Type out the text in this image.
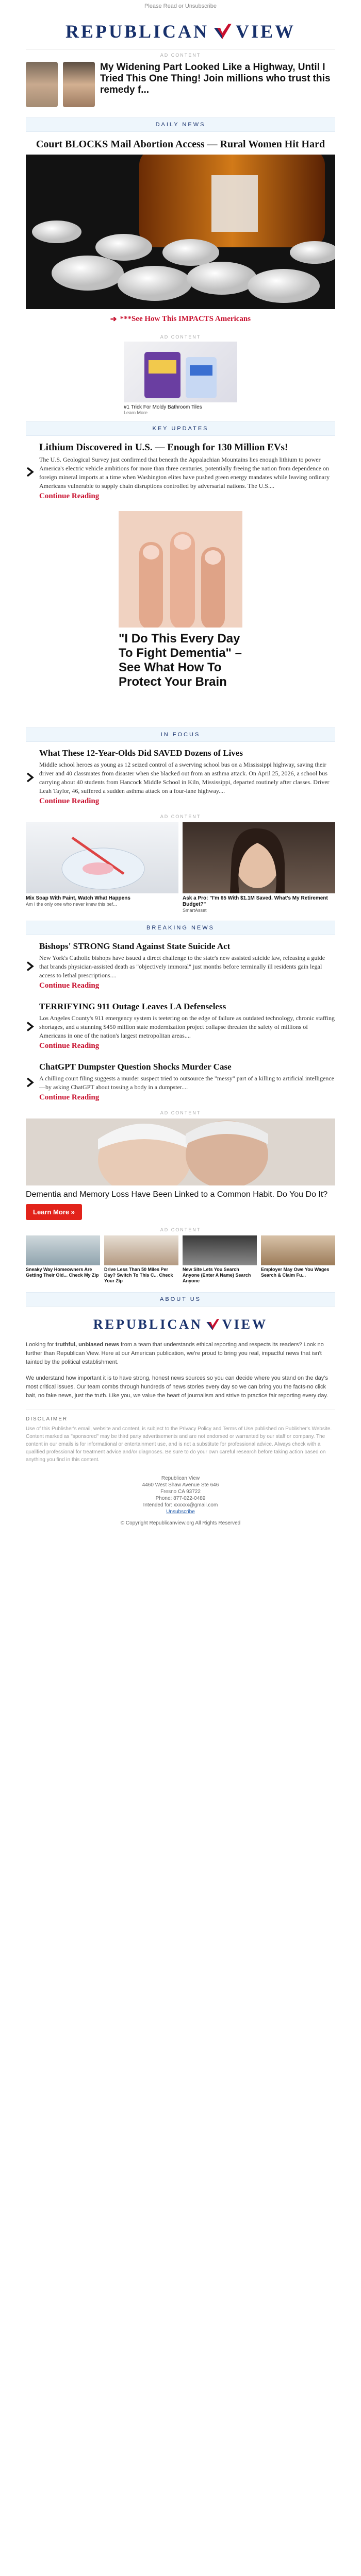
Please Read or Unsubscribe
REPUBLICAN VIEW
AD CONTENT
My Widening Part Looked Like a Highway, Until I Tried This One Thing! Join millions who trust this remedy f...
DAILY NEWS
Court BLOCKS Mail Abortion Access — Rural Women Hit Hard
➔ ***See How This IMPACTS Americans
AD CONTENT
#1 Trick For Moldy Bathroom Tiles
Learn More
KEY UPDATES
Lithium Discovered in U.S. — Enough for 130 Million EVs!
The U.S. Geological Survey just confirmed that beneath the Appalachian Mountains lies enough lithium to power America's electric vehicle ambitions for more than three centuries, potentially freeing the nation from dependence on foreign mineral imports at a time when Washington elites have pushed green energy mandates while leaving ordinary Americans vulnerable to supply chain disruptions controlled by adversarial nations. The U.S....
Continue Reading
"I Do This Every Day To Fight Dementia" – See What How To Protect Your Brain
IN FOCUS
What These 12-Year-Olds Did SAVED Dozens of Lives
Middle school heroes as young as 12 seized control of a swerving school bus on a Mississippi highway, saving their driver and 40 classmates from disaster when she blacked out from an asthma attack. On April 25, 2026, a school bus carrying about 40 students from Hancock Middle School in Kiln, Mississippi, departed routinely after classes. Driver Leah Taylor, 46, suffered a sudden asthma attack on a four-lane highway....
Continue Reading
AD CONTENT
Mix Soap With Paint, Watch What Happens
Am I the only one who never knew this bef...
Ask a Pro: "I'm 65 With $1.1M Saved. What's My Retirement Budget?"
SmartAsset
BREAKING NEWS
Bishops' STRONG Stand Against State Suicide Act
New York's Catholic bishops have issued a direct challenge to the state's new assisted suicide law, releasing a guide that brands physician-assisted death as "objectively immoral" just months before terminally ill residents gain legal access to lethal prescriptions....
Continue Reading
TERRIFYING 911 Outage Leaves LA Defenseless
Los Angeles County's 911 emergency system is teetering on the edge of failure as outdated technology, chronic staffing shortages, and a stunning $450 million state modernization project collapse threaten the safety of millions of Americans in one of the nation's largest metropolitan areas....
Continue Reading
ChatGPT Dumpster Question Shocks Murder Case
A chilling court filing suggests a murder suspect tried to outsource the "messy" part of a killing to artificial intelligence—by asking ChatGPT about tossing a body in a dumpster....
Continue Reading
AD CONTENT
Dementia and Memory Loss Have Been Linked to a Common Habit. Do You Do It?
Learn More »
AD CONTENT
Sneaky Way Homeowners Are Getting Their Old... Check My Zip
Drive Less Than 50 Miles Per Day? Switch To This C... Check Your Zip
New Site Lets You Search Anyone (Enter A Name) Search Anyone
Employer May Owe You Wages Search & Claim Fu...
ABOUT US
REPUBLICAN VIEW

Looking for truthful, unbiased news from a team that understands ethical reporting and respects its readers? Look no further than Republican View. Here at our American publication, we're proud to bring you real, impactful news that isn't tainted by the political establishment.

We understand how important it is to have strong, honest news sources so you can decide where you stand on the day's most critical issues. Our team combs through hundreds of news stories every day so we can bring you the facts-no click bait, no fake news, just the truth. Like you, we value the heart of journalism and strive to practice fair reporting every day.

DISCLAIMER

Use of this Publisher's email, website and content, is subject to the Privacy Policy and Terms of Use published on Publisher's Website. Content marked as "sponsored" may be third party advertisements and are not endorsed or warranted by our staff or company. The content in our emails is for informational or entertainment use, and is not a substitute for professional advice. Always check with a qualified professional for treatment advice and/or diagnoses. Be sure to do your own careful research before taking action based on anything you find in this content.

Republican View
4460 West Shaw Avenue Ste 646
Fresno CA 93722
Phone: 877-022-0489
Intended for: xxxxxx@gmail.com
Unsubscribe
© Copyright Republicanview.org All Rights Reserved
